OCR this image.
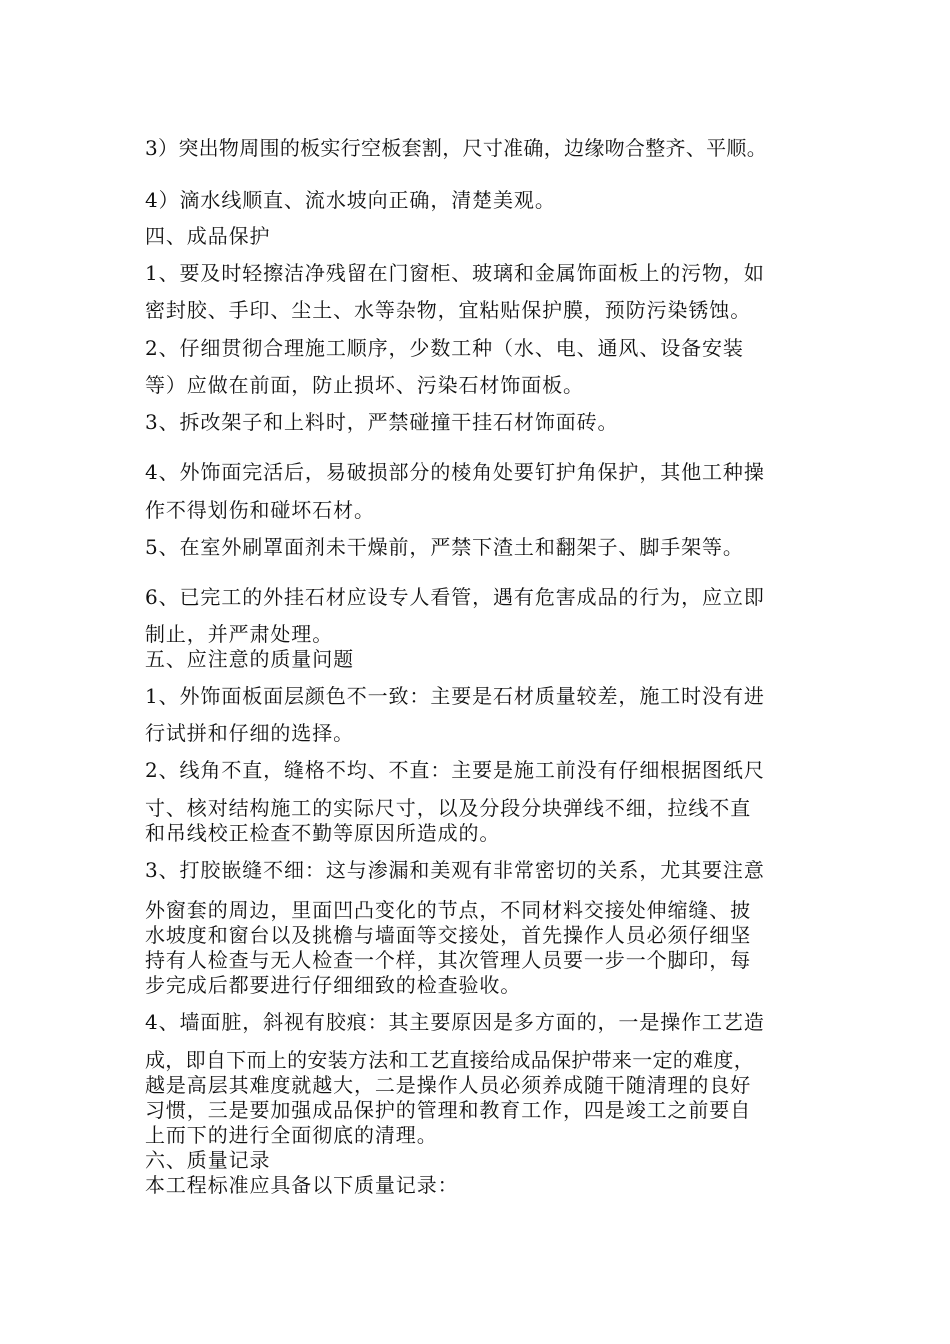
3）突出物周围的板实行空板套割，尺寸准确，边缘吻合整齐、平顺。
4）滴水线顺直、流水坡向正确，清楚美观。
四、成品保护
1、要及时轻擦洁净残留在门窗柜、玻璃和金属饰面板上的污物，如
密封胶、手印、尘土、水等杂物，宜粘贴保护膜，预防污染锈蚀。
2、仔细贯彻合理施工顺序，少数工种（水、电、通风、设备安装
等）应做在前面，防止损坏、污染石材饰面板。
3、拆改架子和上料时，严禁碰撞干挂石材饰面砖。
4、外饰面完活后，易破损部分的棱角处要钉护角保护，其他工种操
作不得划伤和碰坏石材。
5、在室外刷罩面剂未干燥前，严禁下渣土和翻架子、脚手架等。
6、已完工的外挂石材应设专人看管，遇有危害成品的行为，应立即
制止，并严肃处理。
五、应注意的质量问题
1、外饰面板面层颜色不一致：主要是石材质量较差，施工时没有进
行试拼和仔细的选择。
2、线角不直，缝格不均、不直：主要是施工前没有仔细根据图纸尺
寸、核对结构施工的实际尺寸，以及分段分块弹线不细，拉线不直
和吊线校正检查不勤等原因所造成的。
3、打胶嵌缝不细：这与渗漏和美观有非常密切的关系，尤其要注意
外窗套的周边，里面凹凸变化的节点，不同材料交接处伸缩缝、披
水坡度和窗台以及挑檐与墙面等交接处，首先操作人员必须仔细坚
持有人检查与无人检查一个样，其次管理人员要一步一个脚印，每
步完成后都要进行仔细细致的检查验收。
4、墙面脏，斜视有胶痕：其主要原因是多方面的，一是操作工艺造
成，即自下而上的安装方法和工艺直接给成品保护带来一定的难度，
越是高层其难度就越大，二是操作人员必须养成随干随清理的良好
习惯，三是要加强成品保护的管理和教育工作，四是竣工之前要自
上而下的进行全面彻底的清理。
六、质量记录
本工程标准应具备以下质量记录：
